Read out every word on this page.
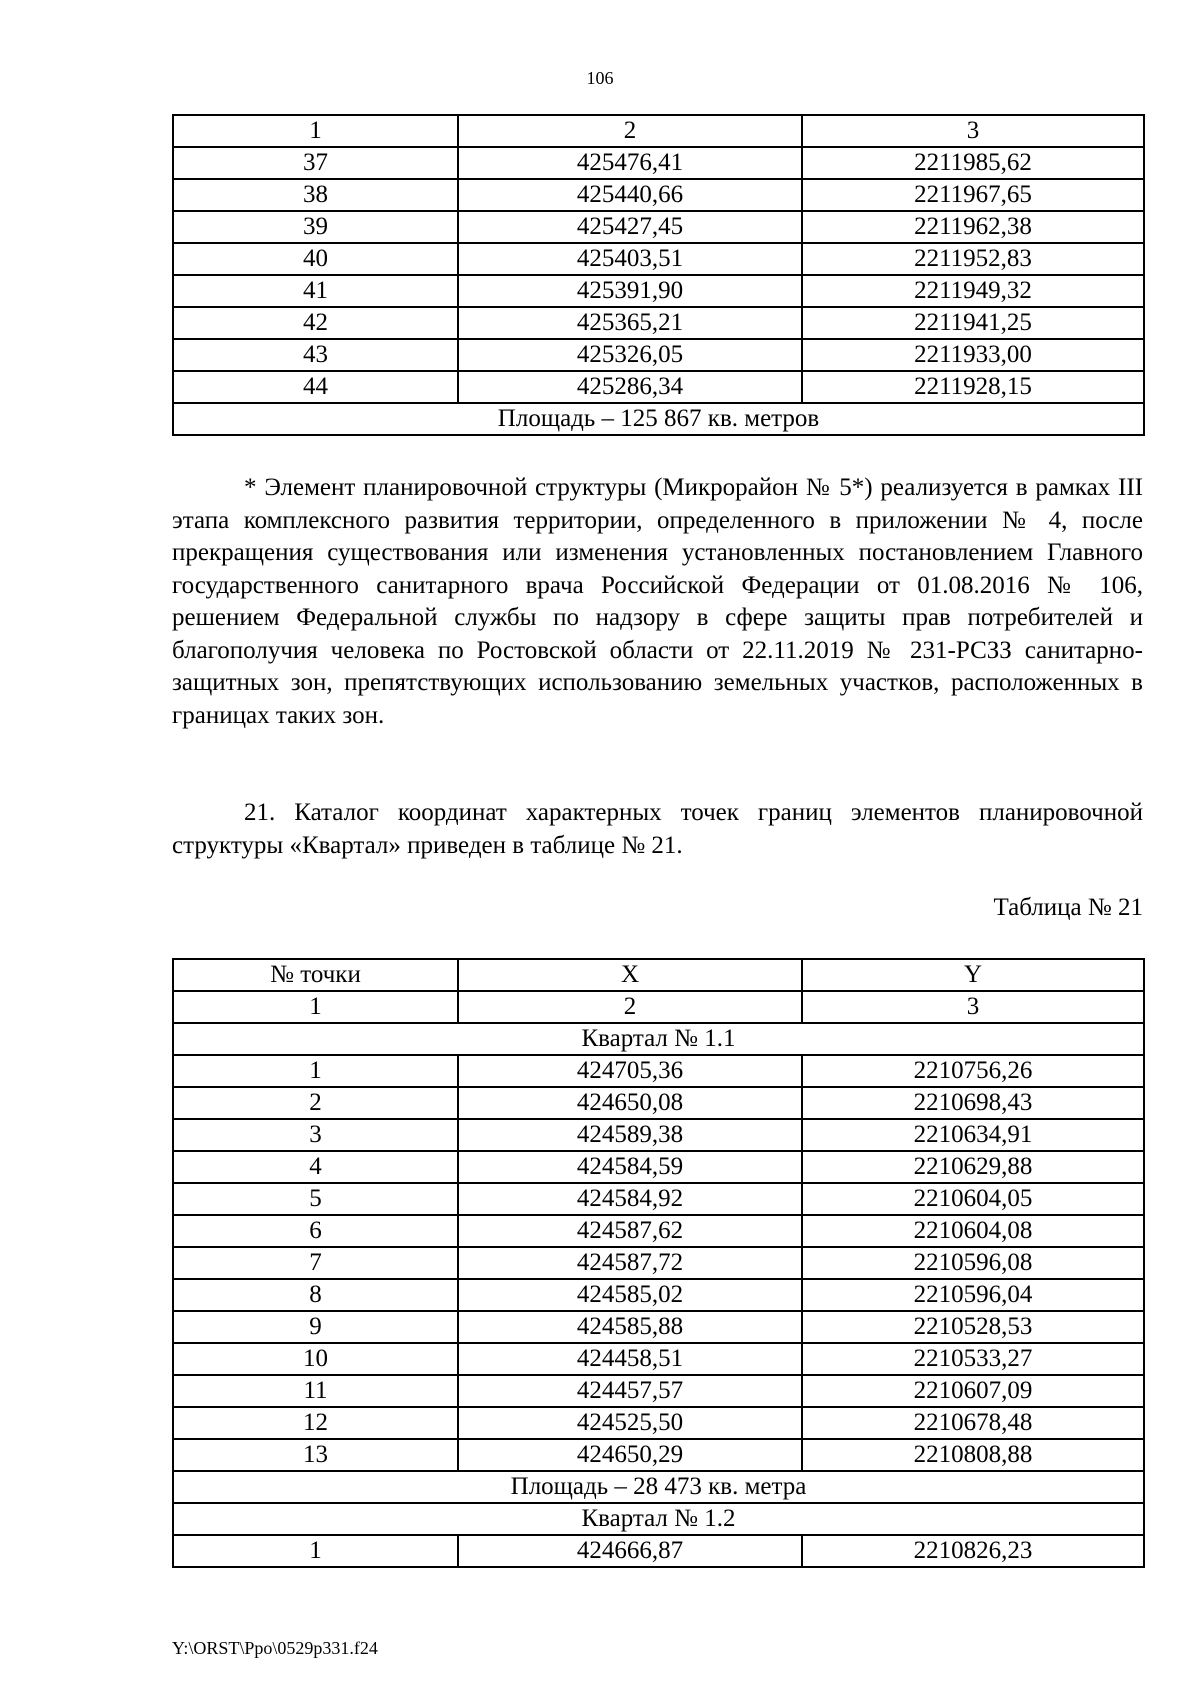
106
1	2	3
37	425476,41	2211985,62
38	425440,66	2211967,65
39	425427,45	2211962,38
40	425403,51	2211952,83
41	425391,90	2211949,32
42	425365,21	2211941,25
43	425326,05	2211933,00
44	425286,34	2211928,15
Площадь – 125 867 кв. метров		

* Элемент планировочной структуры (Микрорайон № 5*) реализуется в рамках III этапа комплексного развития территории, определенного в приложении № 4, после прекращения существования или изменения установленных постановлением Главного государственного санитарного врача Российской Федерации от 01.08.2016 № 106, решением Федеральной службы по надзору в сфере защиты прав потребителей и благополучия человека по Ростовской области от 22.11.2019 № 231-РСЗЗ санитарно-защитных зон, препятствующих использованию земельных участков, расположенных в границах таких зон.

21. Каталог координат характерных точек границ элементов планировочной структуры «Квартал» приведен в таблице № 21.

Таблица № 21
№ точки	X	Y
1	2	3
Квартал № 1.1		
1	424705,36	2210756,26
2	424650,08	2210698,43
3	424589,38	2210634,91
4	424584,59	2210629,88
5	424584,92	2210604,05
6	424587,62	2210604,08
7	424587,72	2210596,08
8	424585,02	2210596,04
9	424585,88	2210528,53
10	424458,51	2210533,27
11	424457,57	2210607,09
12	424525,50	2210678,48
13	424650,29	2210808,88
Площадь – 28 473 кв. метра		
Квартал № 1.2		
1	424666,87	2210826,23
Y:\ORST\Ppo\0529p331.f24
